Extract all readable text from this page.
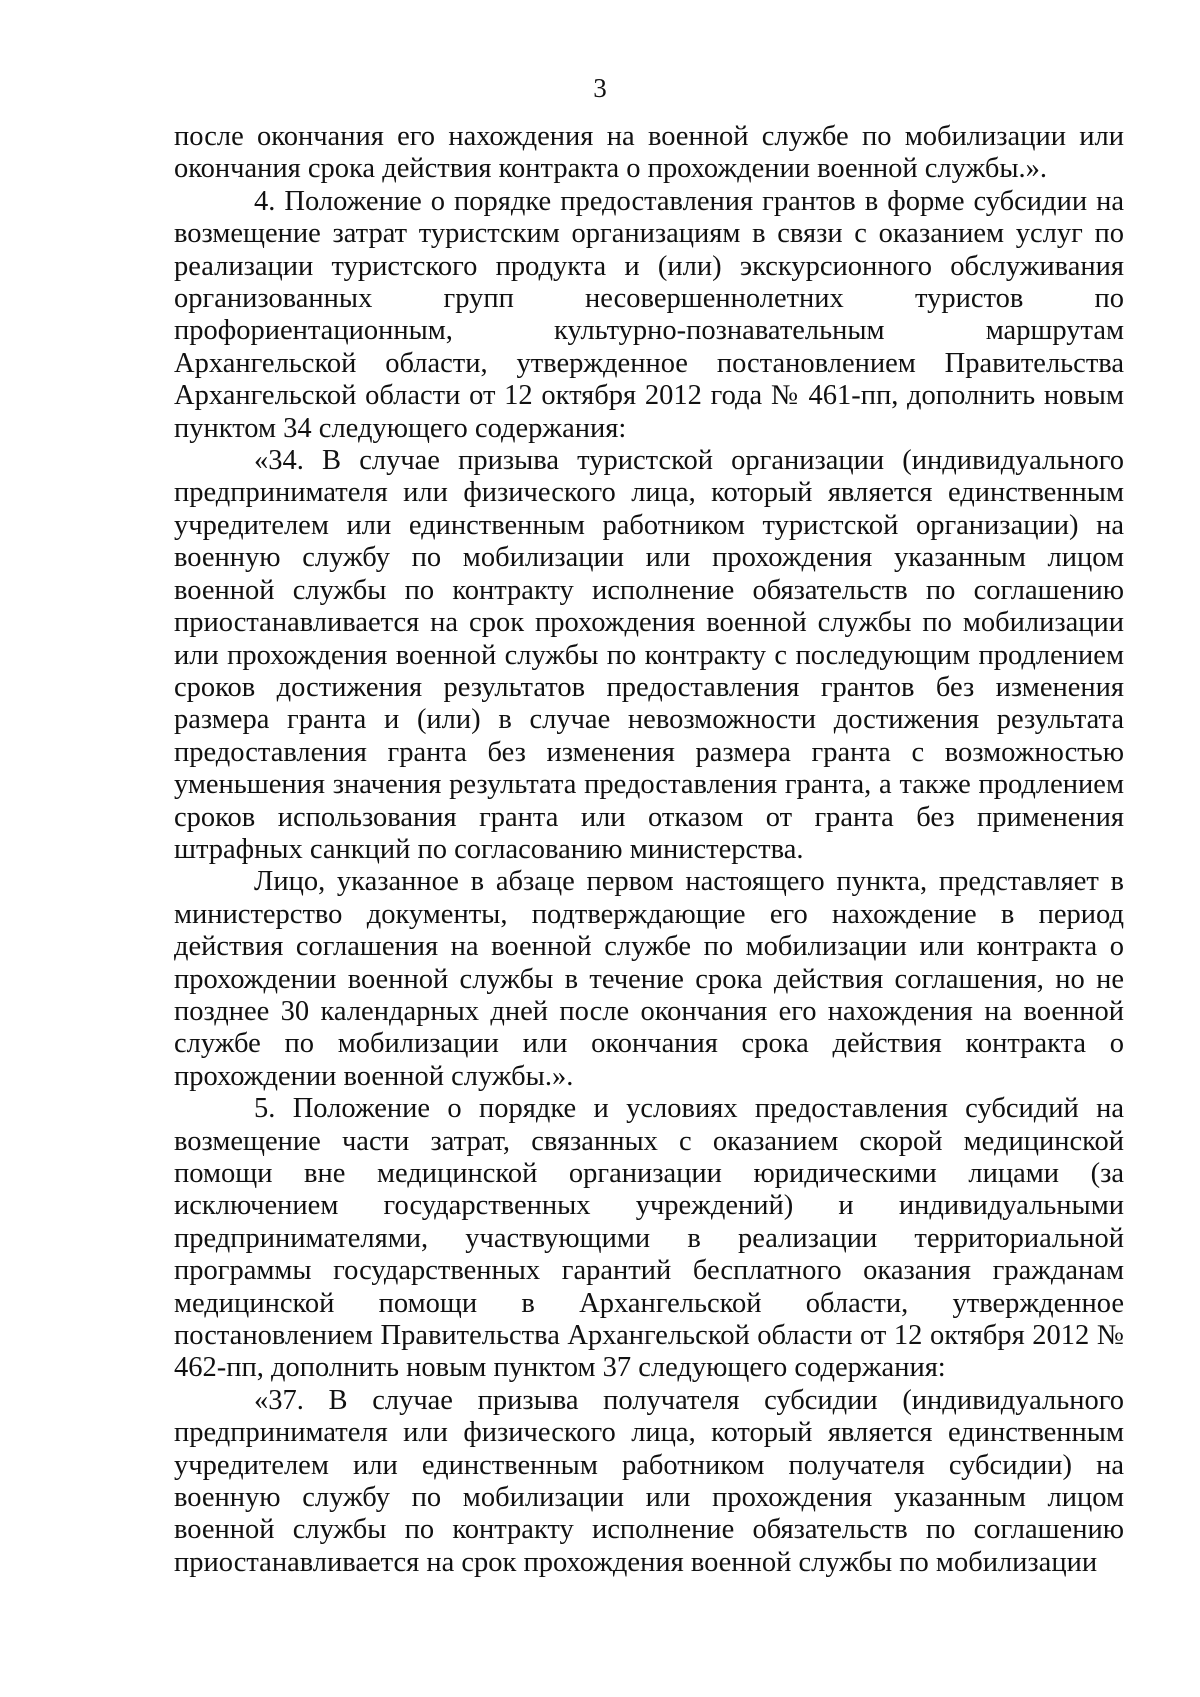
3

после окончания его нахождения на военной службе по мобилизации или окончания срока действия контракта о прохождении военной службы.».

4. Положение о порядке предоставления грантов в форме субсидии на возмещение затрат туристским организациям в связи с оказанием услуг по реализации туристского продукта и (или) экскурсионного обслуживания организованных групп несовершеннолетних туристов по профориентационным, культурно-познавательным маршрутам Архангельской области, утвержденное постановлением Правительства Архангельской области от 12 октября 2012 года № 461-пп, дополнить новым пунктом 34 следующего содержания:

«34. В случае призыва туристской организации (индивидуального предпринимателя или физического лица, который является единственным учредителем или единственным работником туристской организации) на военную службу по мобилизации или прохождения указанным лицом военной службы по контракту исполнение обязательств по соглашению приостанавливается на срок прохождения военной службы по мобилизации или прохождения военной службы по контракту с последующим продлением сроков достижения результатов предоставления грантов без изменения размера гранта и (или) в случае невозможности достижения результата предоставления гранта без изменения размера гранта с возможностью уменьшения значения результата предоставления гранта, а также продлением сроков использования гранта или отказом от гранта без применения штрафных санкций по согласованию министерства.

Лицо, указанное в абзаце первом настоящего пункта, представляет в министерство документы, подтверждающие его нахождение в период действия соглашения на военной службе по мобилизации или контракта о прохождении военной службы в течение срока действия соглашения, но не позднее 30 календарных дней после окончания его нахождения на военной службе по мобилизации или окончания срока действия контракта о прохождении военной службы.».

5. Положение о порядке и условиях предоставления субсидий на возмещение части затрат, связанных с оказанием скорой медицинской помощи вне медицинской организации юридическими лицами (за исключением государственных учреждений) и индивидуальными предпринимателями, участвующими в реализации территориальной программы государственных гарантий бесплатного оказания гражданам медицинской помощи в Архангельской области, утвержденное постановлением Правительства Архангельской области от 12 октября 2012 № 462-пп, дополнить новым пунктом 37 следующего содержания:

«37. В случае призыва получателя субсидии (индивидуального предпринимателя или физического лица, который является единственным учредителем или единственным работником получателя субсидии) на военную службу по мобилизации или прохождения указанным лицом военной службы по контракту исполнение обязательств по соглашению приостанавливается на срок прохождения военной службы по мобилизации
